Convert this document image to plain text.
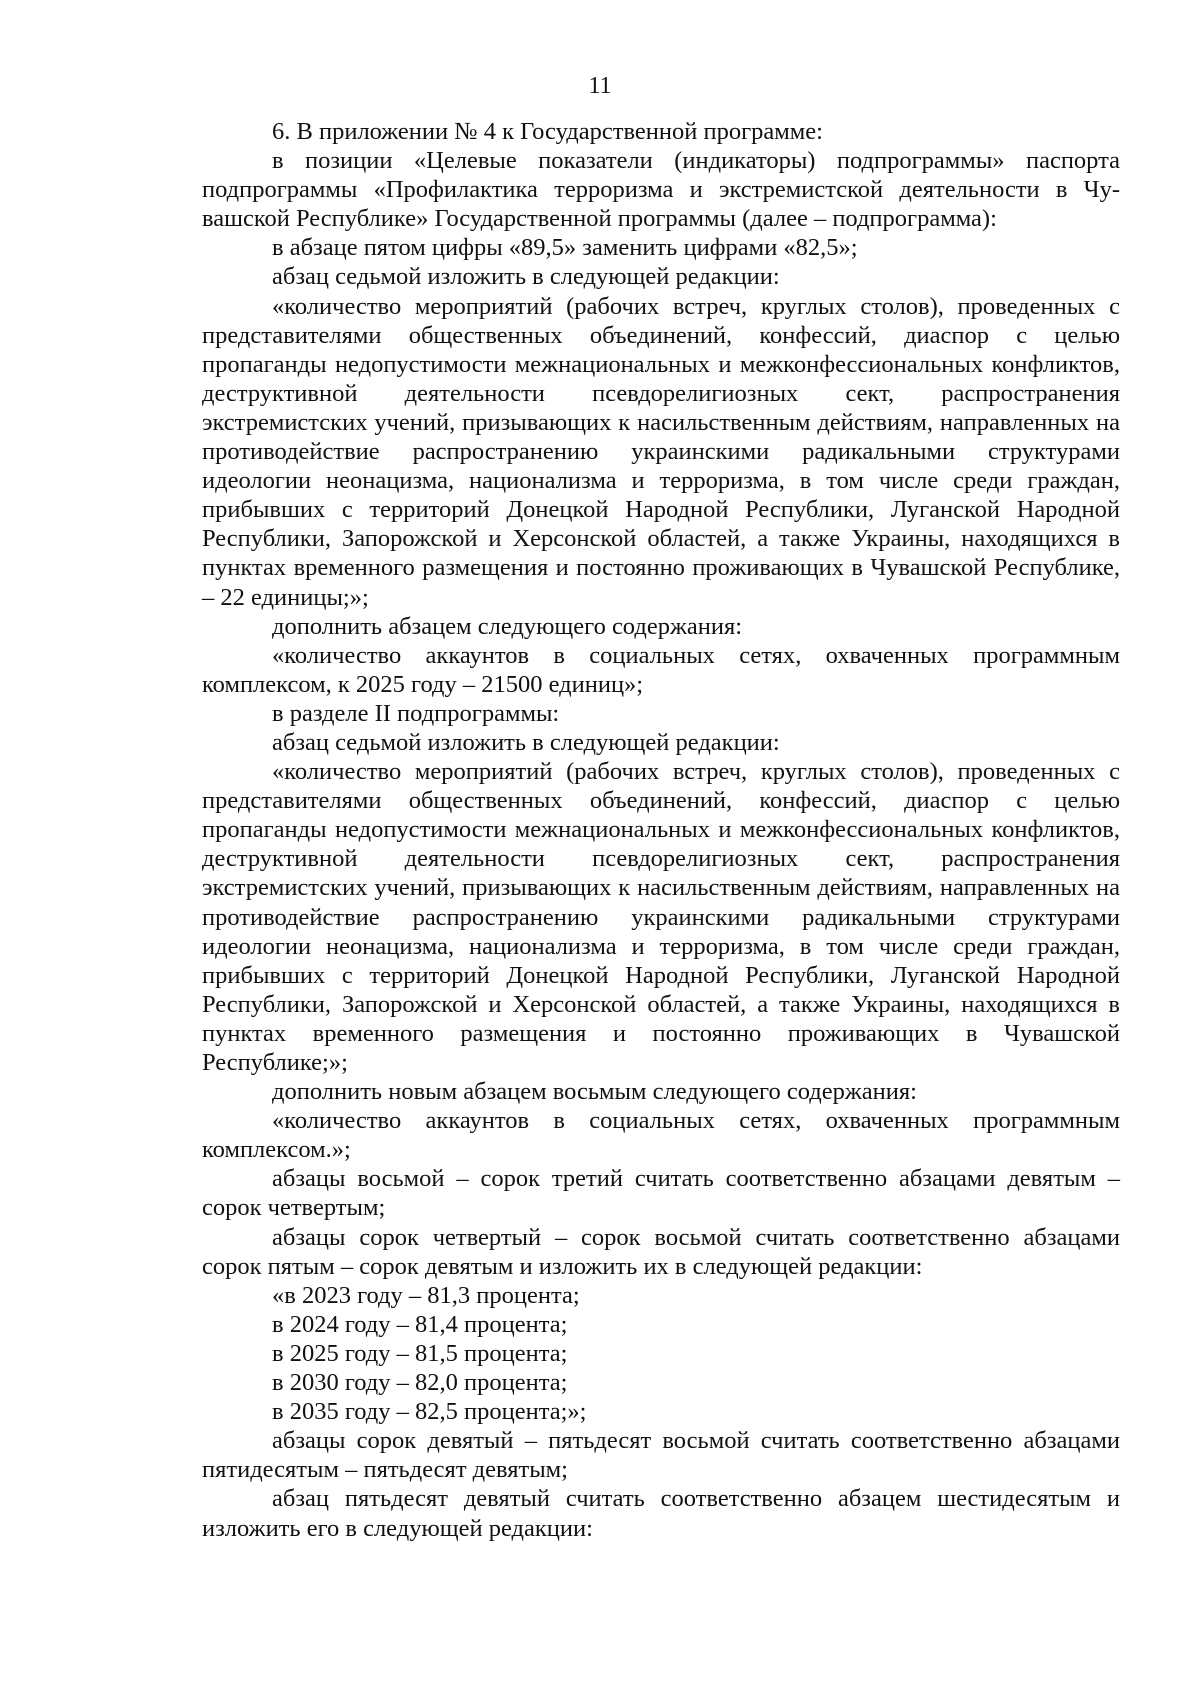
11

6. В приложении № 4 к Государственной программе:

в позиции «Целевые показатели (индикаторы) подпрограммы» паспорта подпрограммы «Профилактика терроризма и экстремистской деятельности в Чувашской Республике» Государственной программы (далее – подпрограмма):

в абзаце пятом цифры «89,5» заменить цифрами «82,5»;

абзац седьмой изложить в следующей редакции:

«количество мероприятий (рабочих встреч, круглых столов), проведенных с представителями общественных объединений, конфессий, диаспор с целью пропаганды недопустимости межнациональных и межконфессиональных конфликтов, деструктивной деятельности псевдорелигиозных сект, распространения экстремистских учений, призывающих к насильственным действиям, направленных на противодействие распространению украинскими радикальными структурами идеологии неонацизма, национализма и терроризма, в том числе среди граждан, прибывших с территорий Донецкой Народной Республики, Луганской Народной Республики, Запорожской и Херсонской областей, а также Украины, находящихся в пунктах временного размещения и постоянно проживающих в Чувашской Республике, – 22 единицы;»;

дополнить абзацем следующего содержания:

«количество аккаунтов в социальных сетях, охваченных программным комплексом, к 2025 году – 21500 единиц»;

в разделе II подпрограммы:

абзац седьмой изложить в следующей редакции:

«количество мероприятий (рабочих встреч, круглых столов), проведенных с представителями общественных объединений, конфессий, диаспор с целью пропаганды недопустимости межнациональных и межконфессиональных конфликтов, деструктивной деятельности псевдорелигиозных сект, распространения экстремистских учений, призывающих к насильственным действиям, направленных на противодействие распространению украинскими радикальными структурами идеологии неонацизма, национализма и терроризма, в том числе среди граждан, прибывших с территорий Донецкой Народной Республики, Луганской Народной Республики, Запорожской и Херсонской областей, а также Украины, находящихся в пунктах временного размещения и постоянно проживающих в Чувашской Республике;»;

дополнить новым абзацем восьмым следующего содержания:

«количество аккаунтов в социальных сетях, охваченных программным комплексом.»;

абзацы восьмой – сорок третий считать соответственно абзацами девятым – сорок четвертым;

абзацы сорок четвертый – сорок восьмой считать соответственно абзацами сорок пятым – сорок девятым и изложить их в следующей редакции:

«в 2023 году – 81,3 процента;

в 2024 году – 81,4 процента;

в 2025 году – 81,5 процента;

в 2030 году – 82,0 процента;

в 2035 году – 82,5 процента;»;

абзацы сорок девятый – пятьдесят восьмой считать соответственно абзацами пятидесятым – пятьдесят девятым;

абзац пятьдесят девятый считать соответственно абзацем шестидесятым и изложить его в следующей редакции:
